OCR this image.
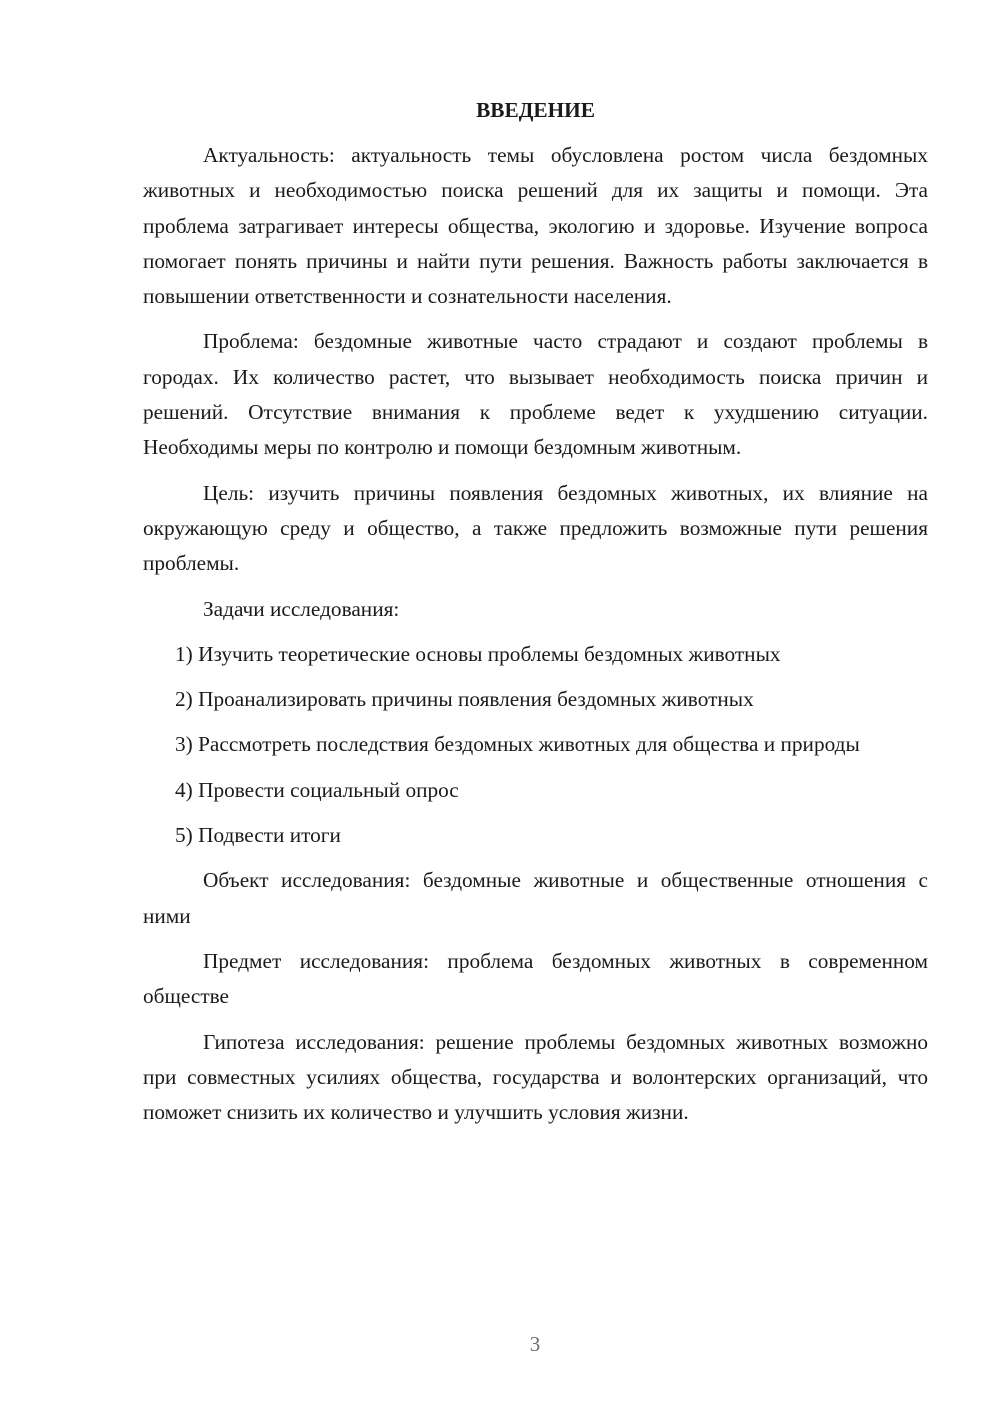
ВВЕДЕНИЕ

Актуальность: актуальность темы обусловлена ростом числа бездомных животных и необходимостью поиска решений для их защиты и помощи. Эта проблема затрагивает интересы общества, экологию и здоровье. Изучение вопроса помогает понять причины и найти пути решения. Важность работы заключается в повышении ответственности и сознательности населения.

Проблема: бездомные животные часто страдают и создают проблемы в городах. Их количество растет, что вызывает необходимость поиска причин и решений. Отсутствие внимания к проблеме ведет к ухудшению ситуации. Необходимы меры по контролю и помощи бездомным животным.

Цель: изучить причины появления бездомных животных, их влияние на окружающую среду и общество, а также предложить возможные пути решения проблемы.

Задачи исследования:

1) Изучить теоретические основы проблемы бездомных животных

2) Проанализировать причины появления бездомных животных

3) Рассмотреть последствия бездомных животных для общества и природы

4) Провести социальный опрос

5) Подвести итоги

Объект исследования: бездомные животные и общественные отношения с ними

Предмет исследования: проблема бездомных животных в современном обществе

Гипотеза исследования: решение проблемы бездомных животных возможно при совместных усилиях общества, государства и волонтерских организаций, что поможет снизить их количество и улучшить условия жизни.

3
